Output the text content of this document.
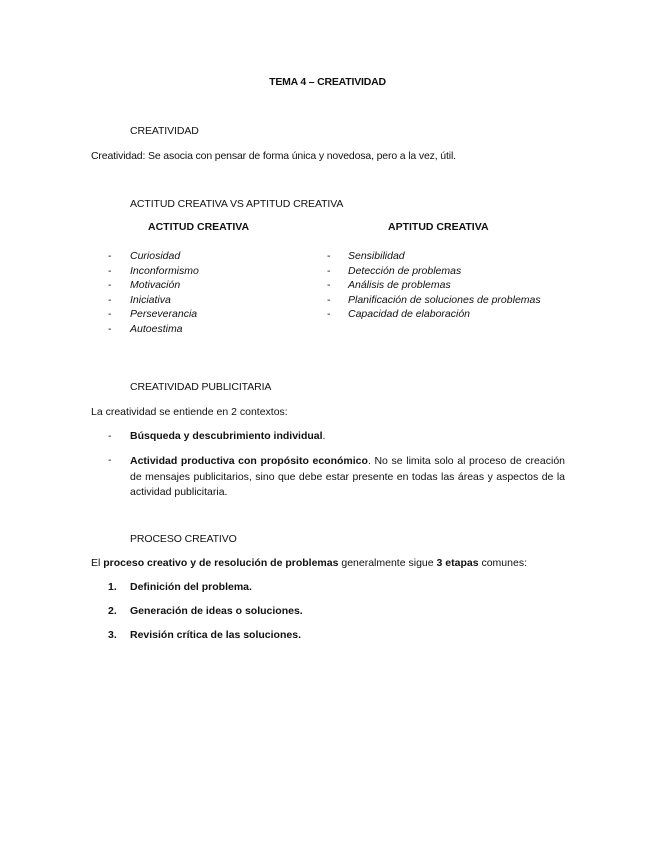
TEMA 4 – CREATIVIDAD
CREATIVIDAD
Creatividad: Se asocia con pensar de forma única y novedosa, pero a la vez, útil.
ACTITUD CREATIVA VS APTITUD CREATIVA
ACTITUD CREATIVA	APTITUD CREATIVA
- Curiosidad
- Inconformismo
- Motivación
- Iniciativa
- Perseverancia
- Autoestima
- Sensibilidad
- Detección de problemas
- Análisis de problemas
- Planificación de soluciones de problemas
- Capacidad de elaboración
CREATIVIDAD PUBLICITARIA
La creatividad se entiende en 2 contextos:
- Búsqueda y descubrimiento individual.
- Actividad productiva con propósito económico. No se limita solo al proceso de creación de mensajes publicitarios, sino que debe estar presente en todas las áreas y aspectos de la actividad publicitaria.
PROCESO CREATIVO
El proceso creativo y de resolución de problemas generalmente sigue 3 etapas comunes:
1. Definición del problema.
2. Generación de ideas o soluciones.
3. Revisión crítica de las soluciones.
